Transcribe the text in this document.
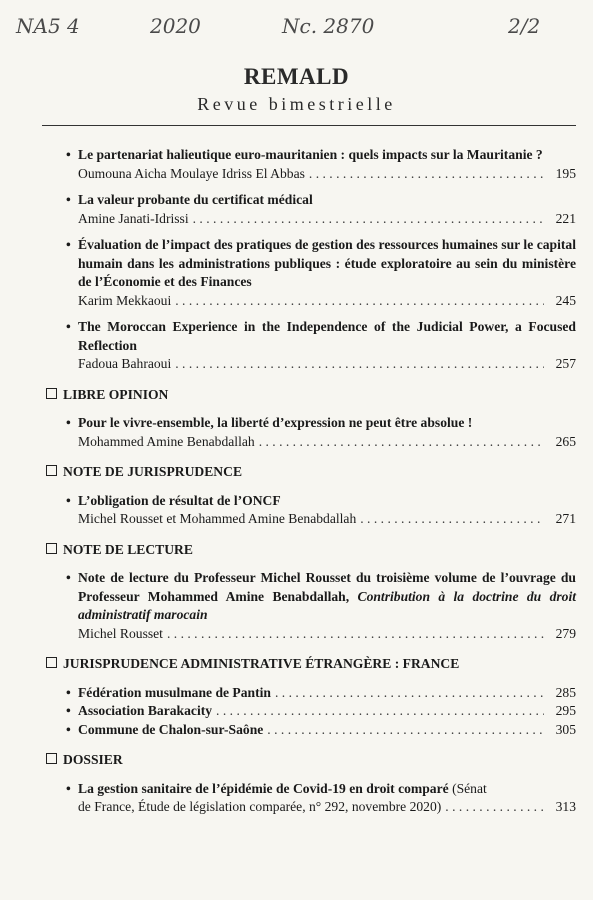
NA5 4	2020	Nc. 2870	2/2
REMALD
Revue bimestrielle
• Le partenariat halieutique euro-mauritanien : quels impacts sur la Mauritanie ?
Oumouna Aicha Moulaye Idriss El Abbas . . .	195
• La valeur probante du certificat médical
Amine Janati-Idrissi . . .	221
• Évaluation de l’impact des pratiques de gestion des ressources humaines sur le capital humain dans les administrations publiques : étude exploratoire au sein du ministère de l’Économie et des Finances
Karim Mekkaoui . . .	245
• The Moroccan Experience in the Independence of the Judicial Power, a Focused Reflection
Fadoua Bahraoui . . .	257
LIBRE OPINION
• Pour le vivre-ensemble, la liberté d’expression ne peut être absolue !
Mohammed Amine Benabdallah . . .	265
NOTE DE JURISPRUDENCE
• L’obligation de résultat de l’ONCF
Michel Rousset et Mohammed Amine Benabdallah . . .	271
NOTE DE LECTURE
• Note de lecture du Professeur Michel Rousset du troisième volume de l’ouvrage du Professeur Mohammed Amine Benabdallah, Contribution à la doctrine du droit administratif marocain
Michel Rousset . . .	279
JURISPRUDENCE ADMINISTRATIVE ÉTRANGÈRE : FRANCE
• Fédération musulmane de Pantin . . .	285
• Association Barakacity . . .	295
• Commune de Chalon-sur-Saône . . .	305
DOSSIER
• La gestion sanitaire de l’épidémie de Covid-19 en droit comparé (Sénat
de France, Étude de législation comparée, n° 292, novembre 2020) . . .	313
